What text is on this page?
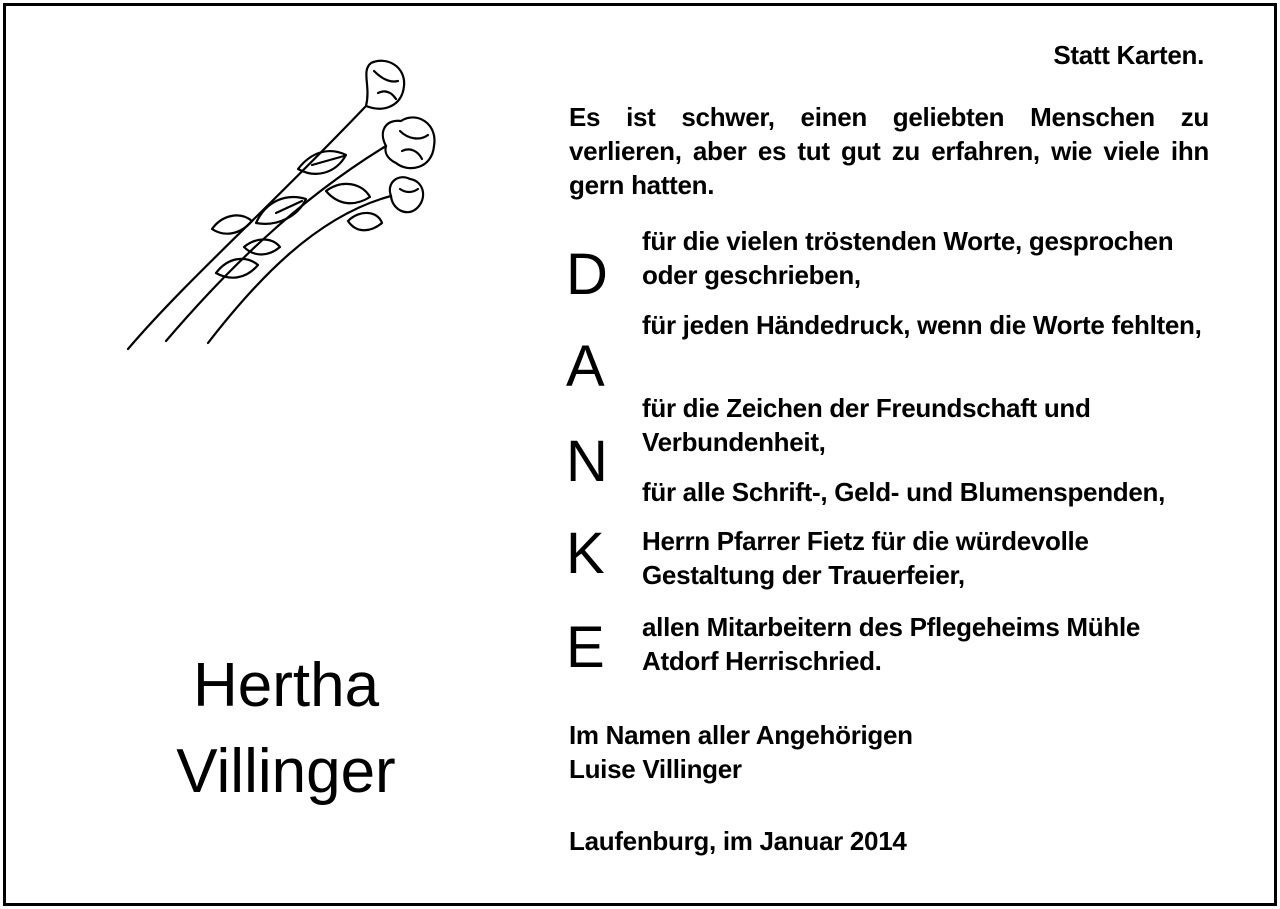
Statt Karten.
Es ist schwer, einen geliebten Menschen zu verlieren, aber es tut gut zu erfahren, wie viele ihn gern hatten.
D
A
N
K
E
für die vielen tröstenden Worte, gesprochen oder geschrieben,
für jeden Händedruck, wenn die Worte fehlten,
für die Zeichen der Freundschaft und Verbundenheit,
für alle Schrift-, Geld- und Blumenspenden,
Herrn Pfarrer Fietz für die würdevolle Gestaltung der Trauerfeier,
allen Mitarbeitern des Pflegeheims Mühle Atdorf Herrischried.
Hertha
Villinger
Im Namen aller Angehörigen
Luise Villinger
Laufenburg, im Januar 2014
